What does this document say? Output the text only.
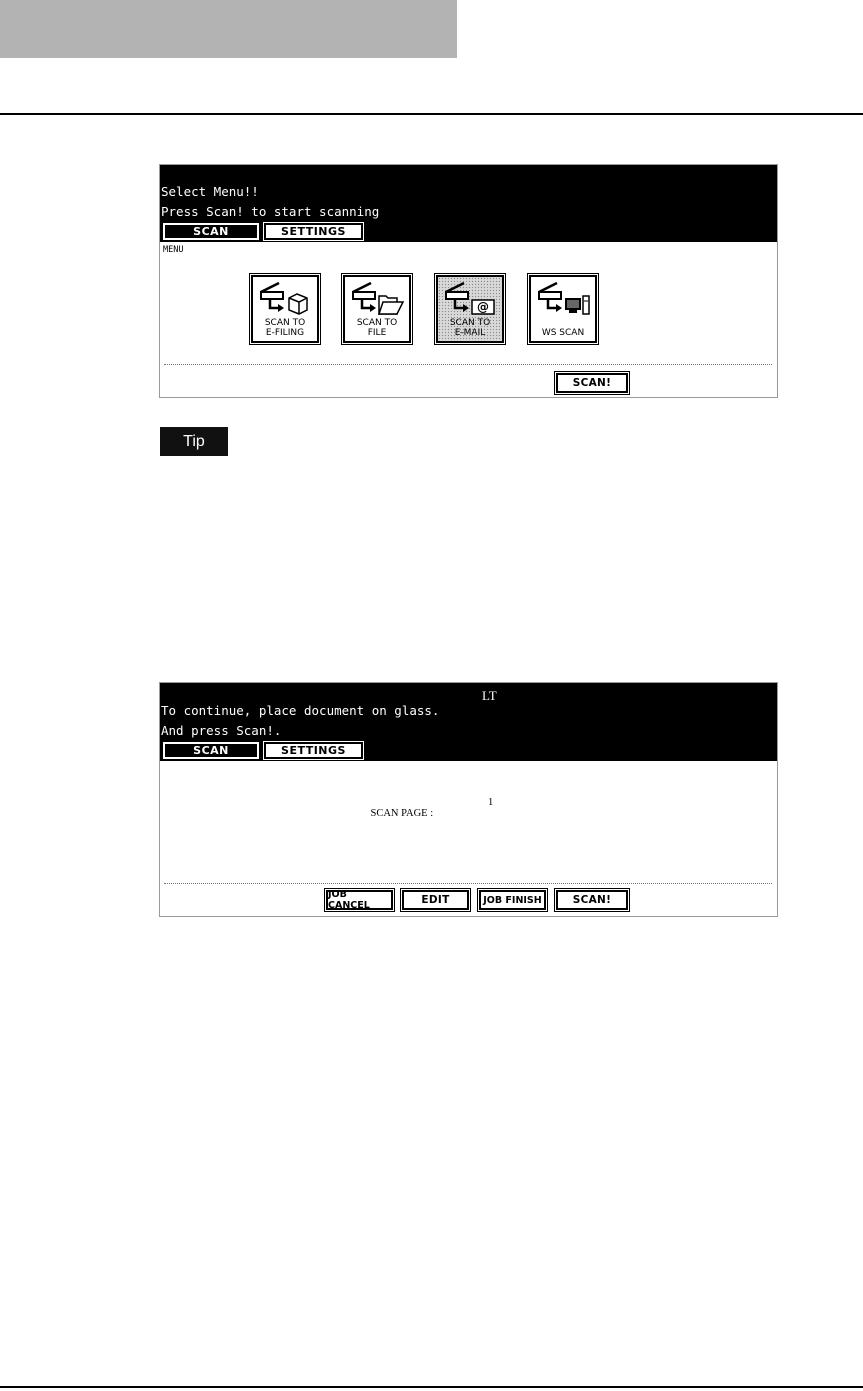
Select Menu!!
Press Scan! to start scanning
SCAN	SETTINGS
MENU
SCAN TO
E-FILING
SCAN TO
FILE
@
SCAN TO
E-MAIL	WS SCAN
SCAN!
Tip
LT
To continue, place document on glass.
And press Scan!.
SCAN	SETTINGS

SCAN PAGE :

1

JOB CANCEL	EDIT	JOB FINISH	SCAN!
